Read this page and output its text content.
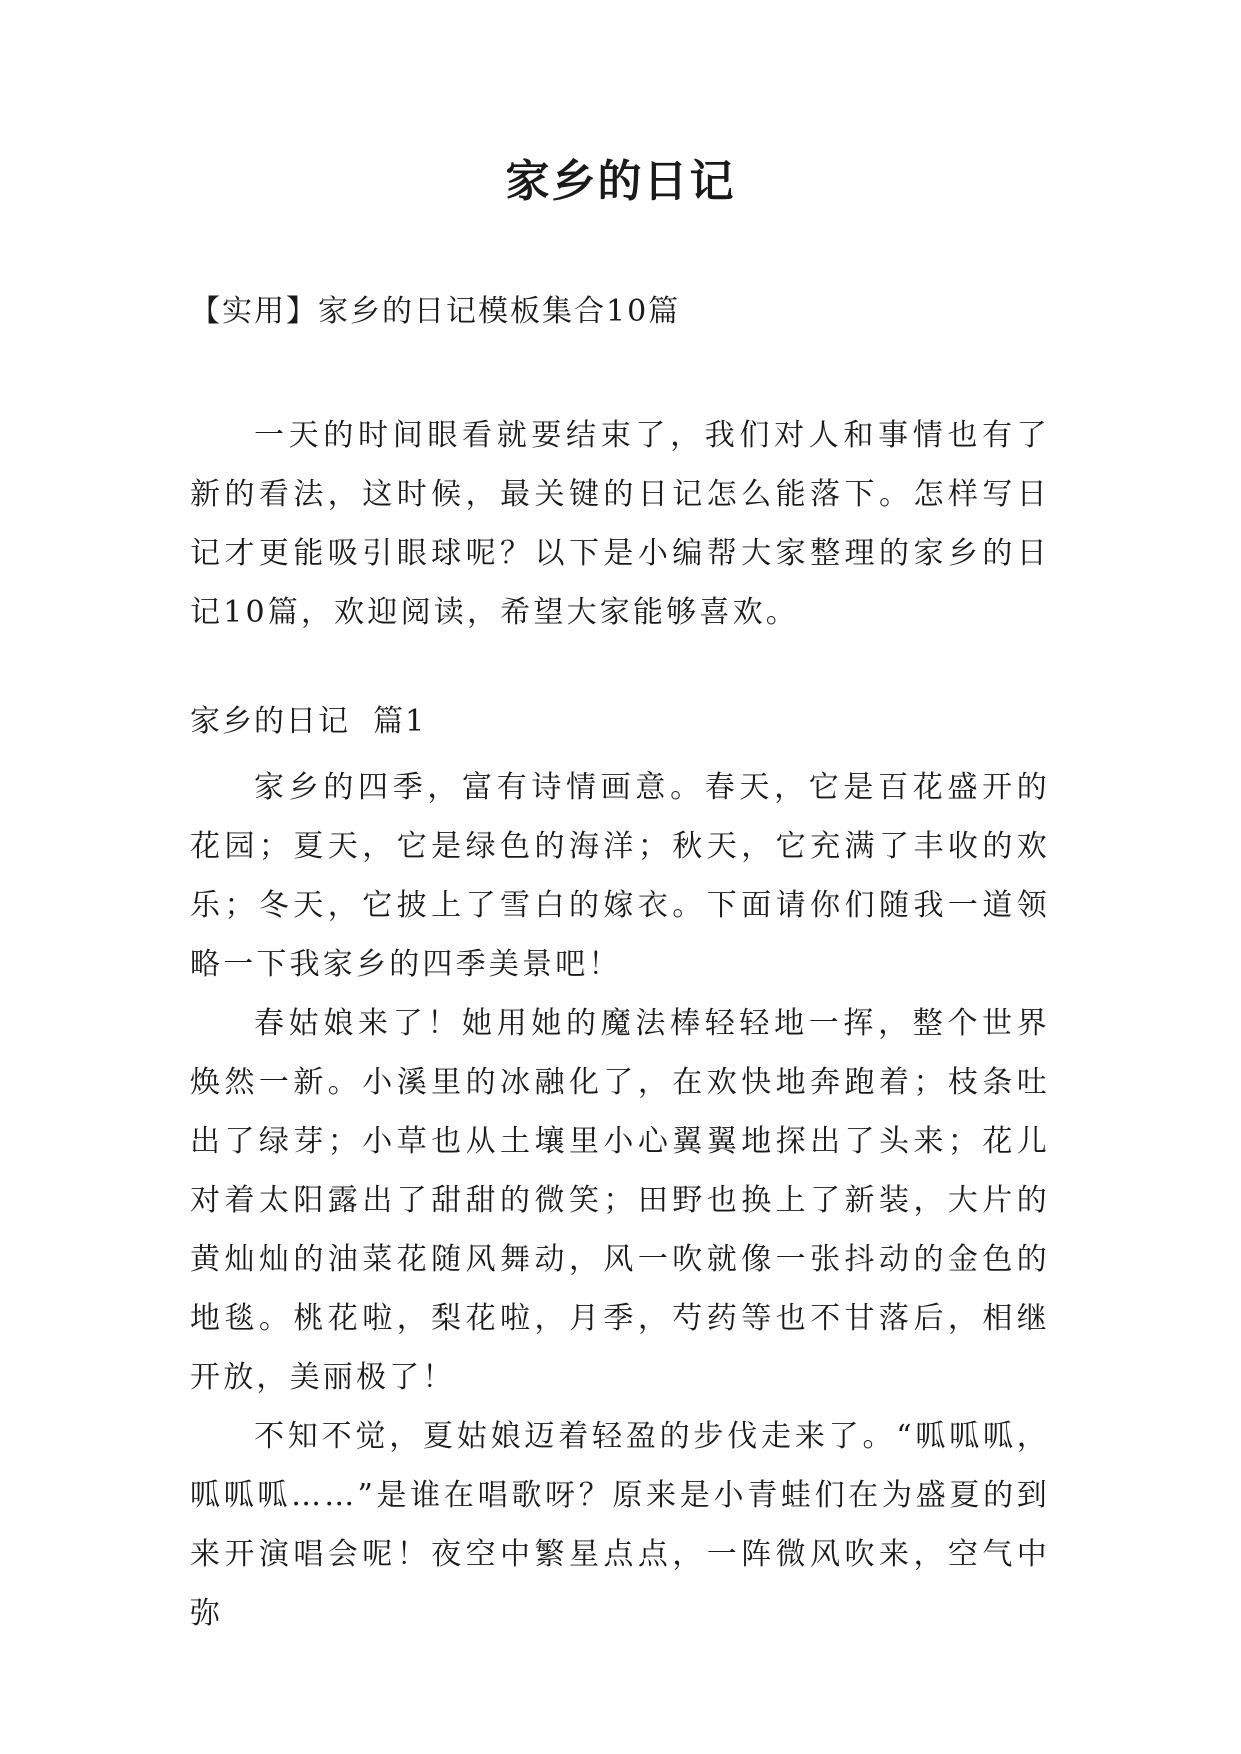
家乡的日记
【实用】家乡的日记模板集合10篇

一天的时间眼看就要结束了，我们对人和事情也有了新的看法，这时候，最关键的日记怎么能落下。怎样写日记才更能吸引眼球呢？以下是小编帮大家整理的家乡的日记10篇，欢迎阅读，希望大家能够喜欢。

家乡的日记  篇1

家乡的四季，富有诗情画意。春天，它是百花盛开的花园；夏天，它是绿色的海洋；秋天，它充满了丰收的欢乐；冬天，它披上了雪白的嫁衣。下面请你们随我一道领略一下我家乡的四季美景吧！

春姑娘来了！她用她的魔法棒轻轻地一挥，整个世界焕然一新。小溪里的冰融化了，在欢快地奔跑着；枝条吐出了绿芽；小草也从土壤里小心翼翼地探出了头来；花儿对着太阳露出了甜甜的微笑；田野也换上了新装，大片的黄灿灿的油菜花随风舞动，风一吹就像一张抖动的金色的地毯。桃花啦，梨花啦，月季，芍药等也不甘落后，相继开放，美丽极了！

不知不觉，夏姑娘迈着轻盈的步伐走来了。“呱呱呱，呱呱呱……”是谁在唱歌呀？原来是小青蛙们在为盛夏的到来开演唱会呢！夜空中繁星点点，一阵微风吹来，空气中弥
